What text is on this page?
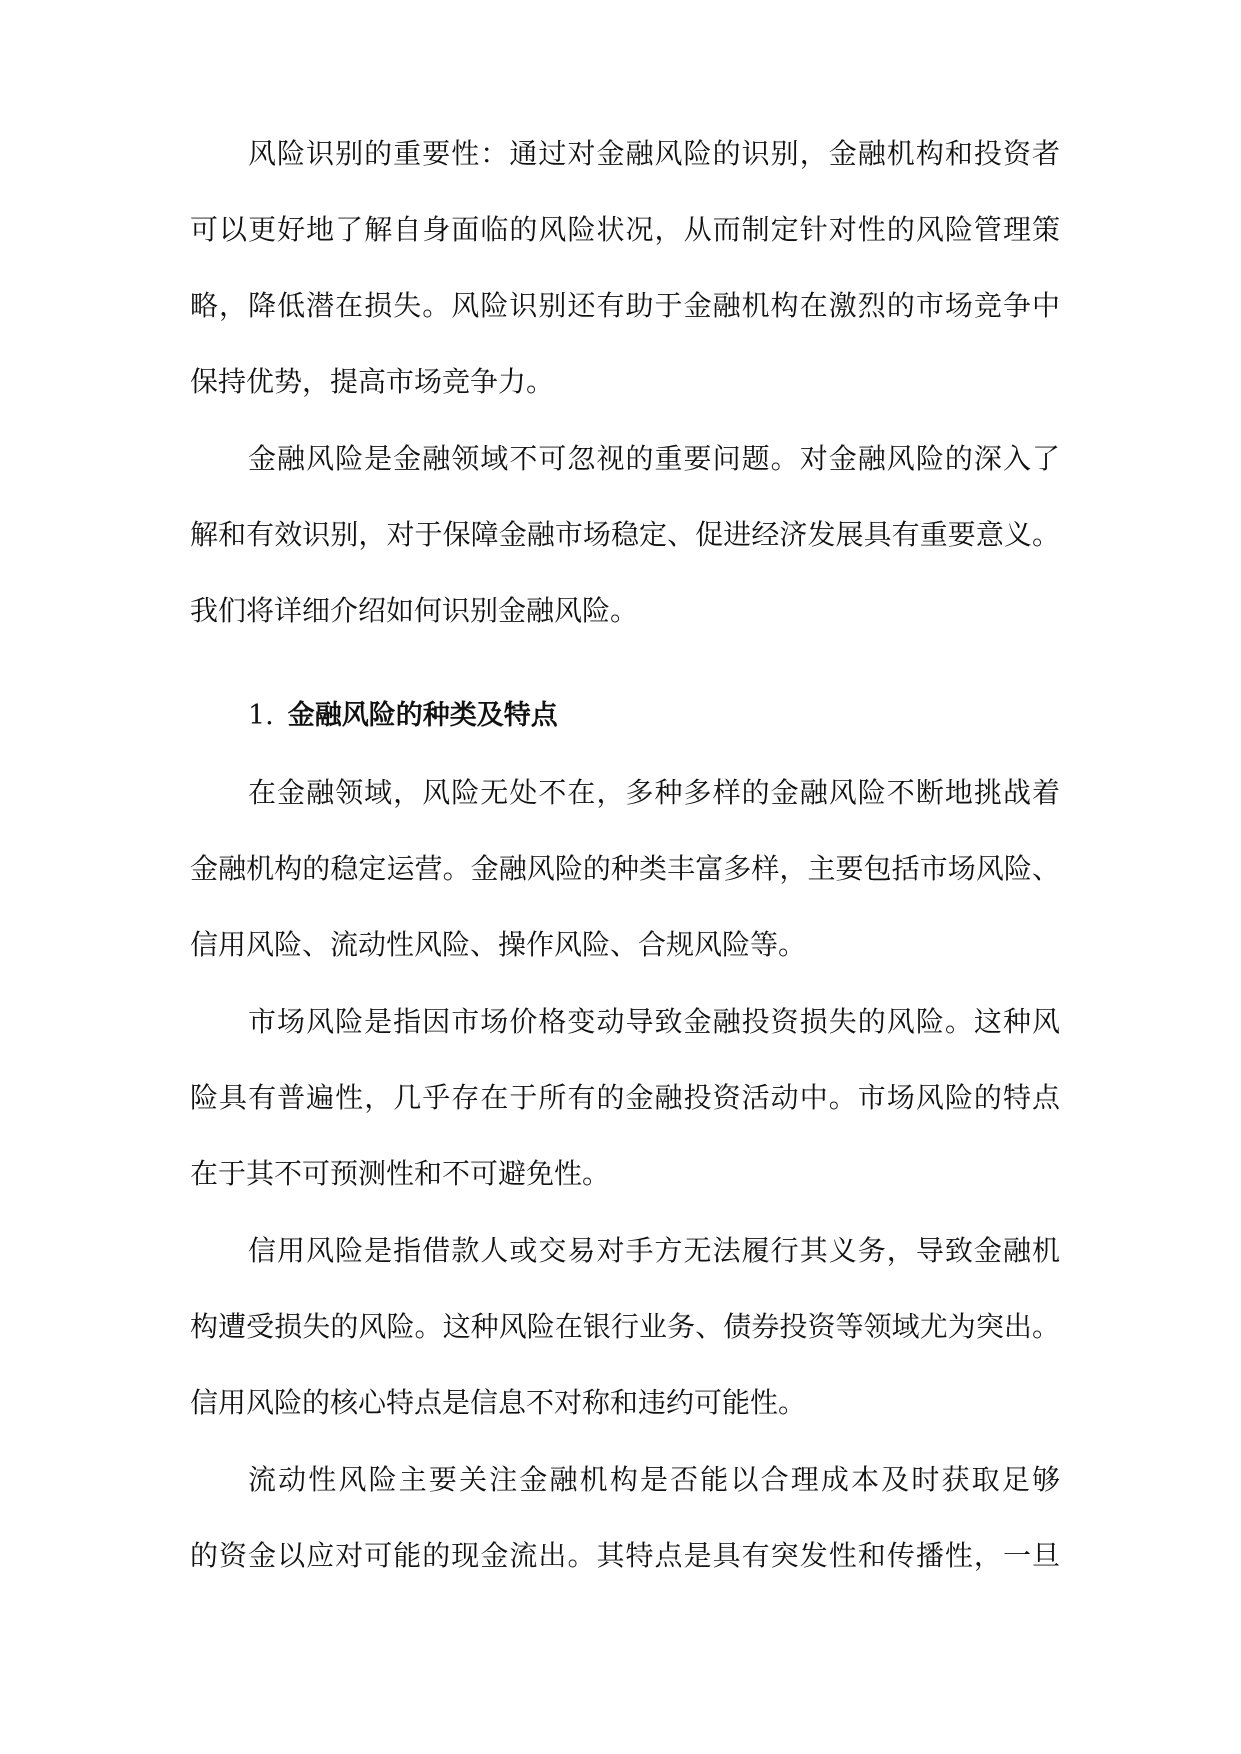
风险识别的重要性：通过对金融风险的识别，金融机构和投资者
可以更好地了解自身面临的风险状况，从而制定针对性的风险管理策
略，降低潜在损失。风险识别还有助于金融机构在激烈的市场竞争中
保持优势，提高市场竞争力。
金融风险是金融领域不可忽视的重要问题。对金融风险的深入了
解和有效识别，对于保障金融市场稳定、促进经济发展具有重要意义。
我们将详细介绍如何识别金融风险。
1. 金融风险的种类及特点
在金融领域，风险无处不在，多种多样的金融风险不断地挑战着
金融机构的稳定运营。金融风险的种类丰富多样，主要包括市场风险、
信用风险、流动性风险、操作风险、合规风险等。
市场风险是指因市场价格变动导致金融投资损失的风险。这种风
险具有普遍性，几乎存在于所有的金融投资活动中。市场风险的特点
在于其不可预测性和不可避免性。
信用风险是指借款人或交易对手方无法履行其义务，导致金融机
构遭受损失的风险。这种风险在银行业务、债券投资等领域尤为突出。
信用风险的核心特点是信息不对称和违约可能性。
流动性风险主要关注金融机构是否能以合理成本及时获取足够
的资金以应对可能的现金流出。其特点是具有突发性和传播性，一旦
